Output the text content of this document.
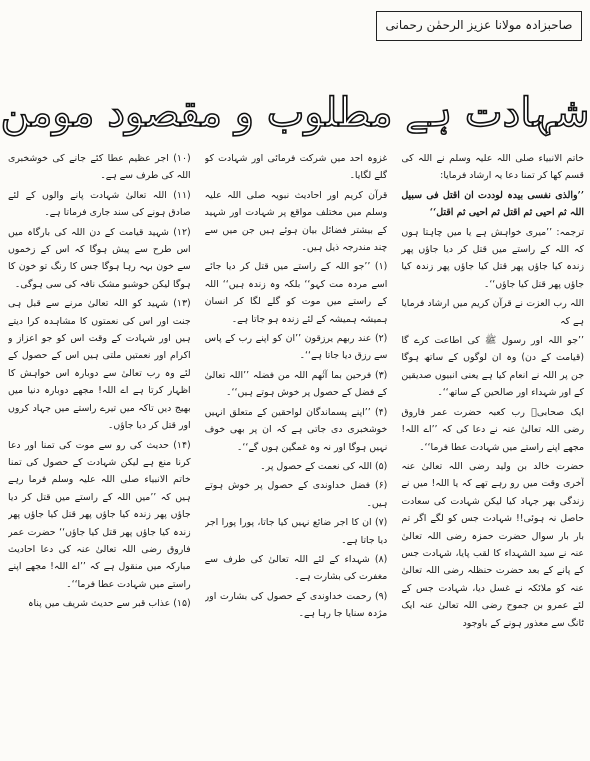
صاحبزادہ مولانا عزیز الرحمٰن رحمانی
شہادت ہے مطلوب و مقصود مومن

خاتم الانبیاء صلی اللہ علیہ وسلم نے اللہ کی قسم کھا کر تمنا دعا یہ ارشاد فرمایا:

’’والذی نفسی بیدہ لوددت ان اقتل فی سبیل اللہ ثم احیی ثم اقتل ثم احیی ثم اقتل‘‘

ترجمہ: ’’میری خواہش ہے یا میں چاہتا ہوں کہ اللہ کے راستے میں قتل کر دیا جاؤں پھر زندہ کیا جاؤں پھر قتل کیا جاؤں پھر زندہ کیا جاؤں پھر قتل کیا جاؤں‘‘۔

اللہ رب العزت نے قرآن کریم میں ارشاد فرمایا ہے کہ

’’جو اللہ اور رسول ﷺ کی اطاعت کرے گا (قیامت کے دن) وہ ان لوگوں کے ساتھ ہوگا جن پر اللہ نے انعام کیا ہے یعنی انبیوں صدیقین کے اور شہداء اور صالحین کے ساتھ‘‘۔

ایک صحابیؓ رب کعبہ حضرت عمر فاروق رضی اللہ تعالیٰ عنہ نے دعا کی کہ ’’اے اللہ! مجھے اپنے راستے میں شہادت عطا فرما‘‘۔

حضرت خالد بن ولید رضی اللہ تعالیٰ عنہ آخری وقت میں رو رہے تھے کہ یا اللہ! میں نے زندگی بھر جہاد کیا لیکن شہادت کی سعادت حاصل نہ ہوئی!! شہادت جس کو لگے اگر تم بار بار سوال حضرت حمزہ رضی اللہ تعالیٰ عنہ نے سید الشہداء کا لقب پایا، شہادت جس کے پانے کے بعد حضرت حنظلہ رضی اللہ تعالیٰ عنہ کو ملائکہ نے غسل دیا، شہادت جس کے لئے عمرو بن جموح رضی اللہ تعالیٰ عنہ ایک ٹانگ سے معذور ہونے کے باوجود

غزوہ احد میں شرکت فرمائی اور شہادت کو گلے لگایا۔

قرآن کریم اور احادیث نبویہ صلی اللہ علیہ وسلم میں مختلف مواقع پر شہادت اور شہید کے بیشتر فضائل بیان ہوئے ہیں جن میں سے چند مندرجہ ذیل ہیں۔

(۱) ’’جو اللہ کے راستے میں قتل کر دیا جائے اسے مردہ مت کہو‘‘ بلکہ وہ زندہ ہیں‘‘ اللہ کے راستے میں موت کو گلے لگا کر انسان ہمیشہ ہمیشہ کے لئے زندہ ہو جاتا ہے۔

(۲) عند ربھم یرزقون ’’ان کو اپنے رب کے پاس سے رزق دیا جاتا ہے‘‘۔

(۳) فرحین بما آتٰھم اللہ من فضلہ ’’اللہ تعالیٰ کے فضل کے حصول پر خوش ہوتے ہیں‘‘۔

(۴) ’’اپنے پسماندگان لواحقین کے متعلق انہیں خوشخبری دی جاتی ہے کہ ان پر بھی خوف نہیں ہوگا اور نہ وہ غمگین ہوں گے‘‘۔

(۵) اللہ کی نعمت کے حصول پر۔

(۶) فضل خداوندی کے حصول پر خوش ہوتے ہیں۔

(۷) ان کا اجر ضائع نہیں کیا جاتا، پورا پورا اجر دیا جاتا ہے۔

(۸) شہداء کے لئے اللہ تعالیٰ کی طرف سے مغفرت کی بشارت ہے۔

(۹) رحمت خداوندی کے حصول کی بشارت اور مژدہ سنایا جا رہا ہے۔

(۱۰) اجر عظیم عطا کئے جانے کی خوشخبری اللہ کی طرف سے ہے۔

(۱۱) اللہ تعالیٰ شہادت پانے والوں کے لئے صادق ہونے کی سند جاری فرماتا ہے۔

(۱۲) شہید قیامت کے دن اللہ کی بارگاہ میں اس طرح سے پیش ہوگا کہ اس کے زخموں سے خون بہہ رہا ہوگا جس کا رنگ تو خون کا ہوگا لیکن خوشبو مشک نافہ کی سی ہوگی۔

(۱۳) شہید کو اللہ تعالیٰ مرنے سے قبل ہی جنت اور اس کی نعمتوں کا مشاہدہ کرا دیتے ہیں اور شہادت کے وقت اس کو جو اعزاز و اکرام اور نعمتیں ملتی ہیں اس کے حصول کے لئے وہ رب تعالیٰ سے دوبارہ اس خواہش کا اظہار کرتا ہے اے اللہ! مجھے دوبارہ دنیا میں بھیج دیں تاکہ میں تیرے راستے میں جہاد کروں اور قتل کر دیا جاؤں۔

(۱۴) حدیث کی رو سے موت کی تمنا اور دعا کرنا منع ہے لیکن شہادت کے حصول کی تمنا خاتم الانبیاء صلی اللہ علیہ وسلم فرما رہے ہیں کہ ’’میں اللہ کے راستے میں قتل کر دیا جاؤں پھر زندہ کیا جاؤں پھر قتل کیا جاؤں پھر زندہ کیا جاؤں پھر قتل کیا جاؤں‘‘ حضرت عمر فاروق رضی اللہ تعالیٰ عنہ کی دعا احادیث مبارکہ میں منقول ہے کہ ’’اے اللہ! مجھے اپنے راستے میں شہادت عطا فرما‘‘۔

(۱۵) عذاب قبر سے حدیث شریف میں پناہ
